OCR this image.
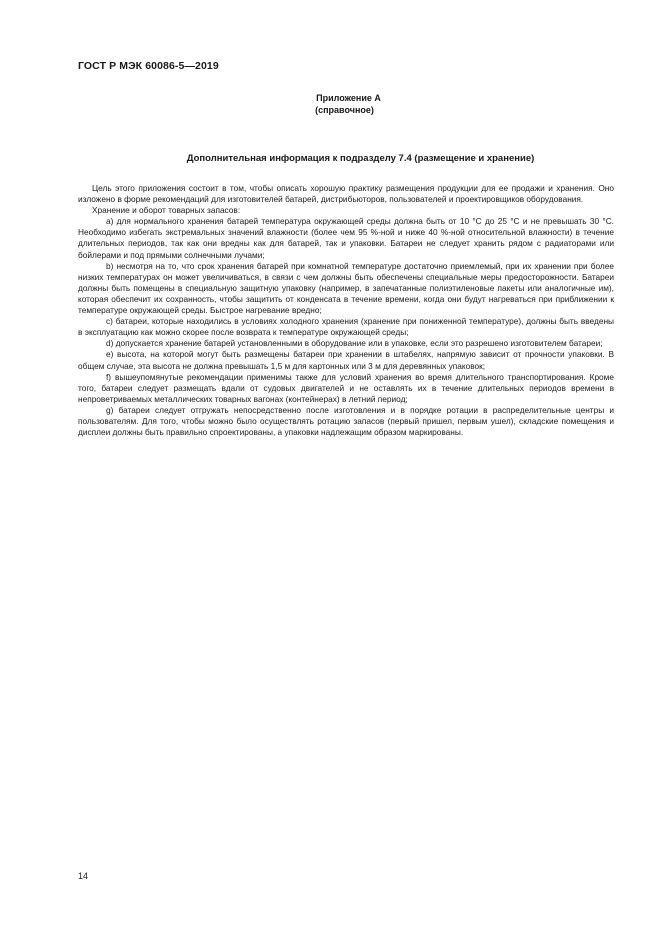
ГОСТ Р МЭК 60086-5—2019
Приложение А
(справочное)
Дополнительная информация к подразделу 7.4 (размещение и хранение)

Цель этого приложения состоит в том, чтобы описать хорошую практику размещения продукции для ее продажи и хранения. Оно изложено в форме рекомендаций для изготовителей батарей, дистрибьюторов, пользователей и проектировщиков оборудования.

Хранение и оборот товарных запасов:

а) для нормального хранения батарей температура окружающей среды должна быть от 10 °С до 25 °С и не превышать 30 °С. Необходимо избегать экстремальных значений влажности (более чем 95 %-ной и ниже 40 %-ной относительной влажности) в течение длительных периодов, так как они вредны как для батарей, так и упаковки. Батареи не следует хранить рядом с радиаторами или бойлерами и под прямыми солнечными лучами;

b) несмотря на то, что срок хранения батарей при комнатной температуре достаточно приемлемый, при их хранении при более низких температурах он может увеличиваться, в связи с чем должны быть обеспечены специальные меры предосторожности. Батареи должны быть помещены в специальную защитную упаковку (например, в запечатанные полиэтиленовые пакеты или аналогичные им), которая обеспечит их сохранность, чтобы защитить от конденсата в течение времени, когда они будут нагреваться при приближении к температуре окружающей среды. Быстрое нагревание вредно;

c) батареи, которые находились в условиях холодного хранения (хранение при пониженной температуре), должны быть введены в эксплуатацию как можно скорее после возврата к температуре окружающей среды;

d) допускается хранение батарей установленными в оборудование или в упаковке, если это разрешено изготовителем батареи;

e) высота, на которой могут быть размещены батареи при хранении в штабелях, напрямую зависит от прочности упаковки. В общем случае, эта высота не должна превышать 1,5 м для картонных или 3 м для деревянных упаковок;

f) вышеупомянутые рекомендации применимы также для условий хранения во время длительного транспортирования. Кроме того, батареи следует размещать вдали от судовых двигателей и не оставлять их в течение длительных периодов времени в непроветриваемых металлических товарных вагонах (контейнерах) в летний период;

g) батареи следует отгружать непосредственно после изготовления и в порядке ротации в распределительные центры и пользователям. Для того, чтобы можно было осуществлять ротацию запасов (первый пришел, первым ушел), складские помещения и дисплеи должны быть правильно спроектированы, а упаковки надлежащим образом маркированы.

14
